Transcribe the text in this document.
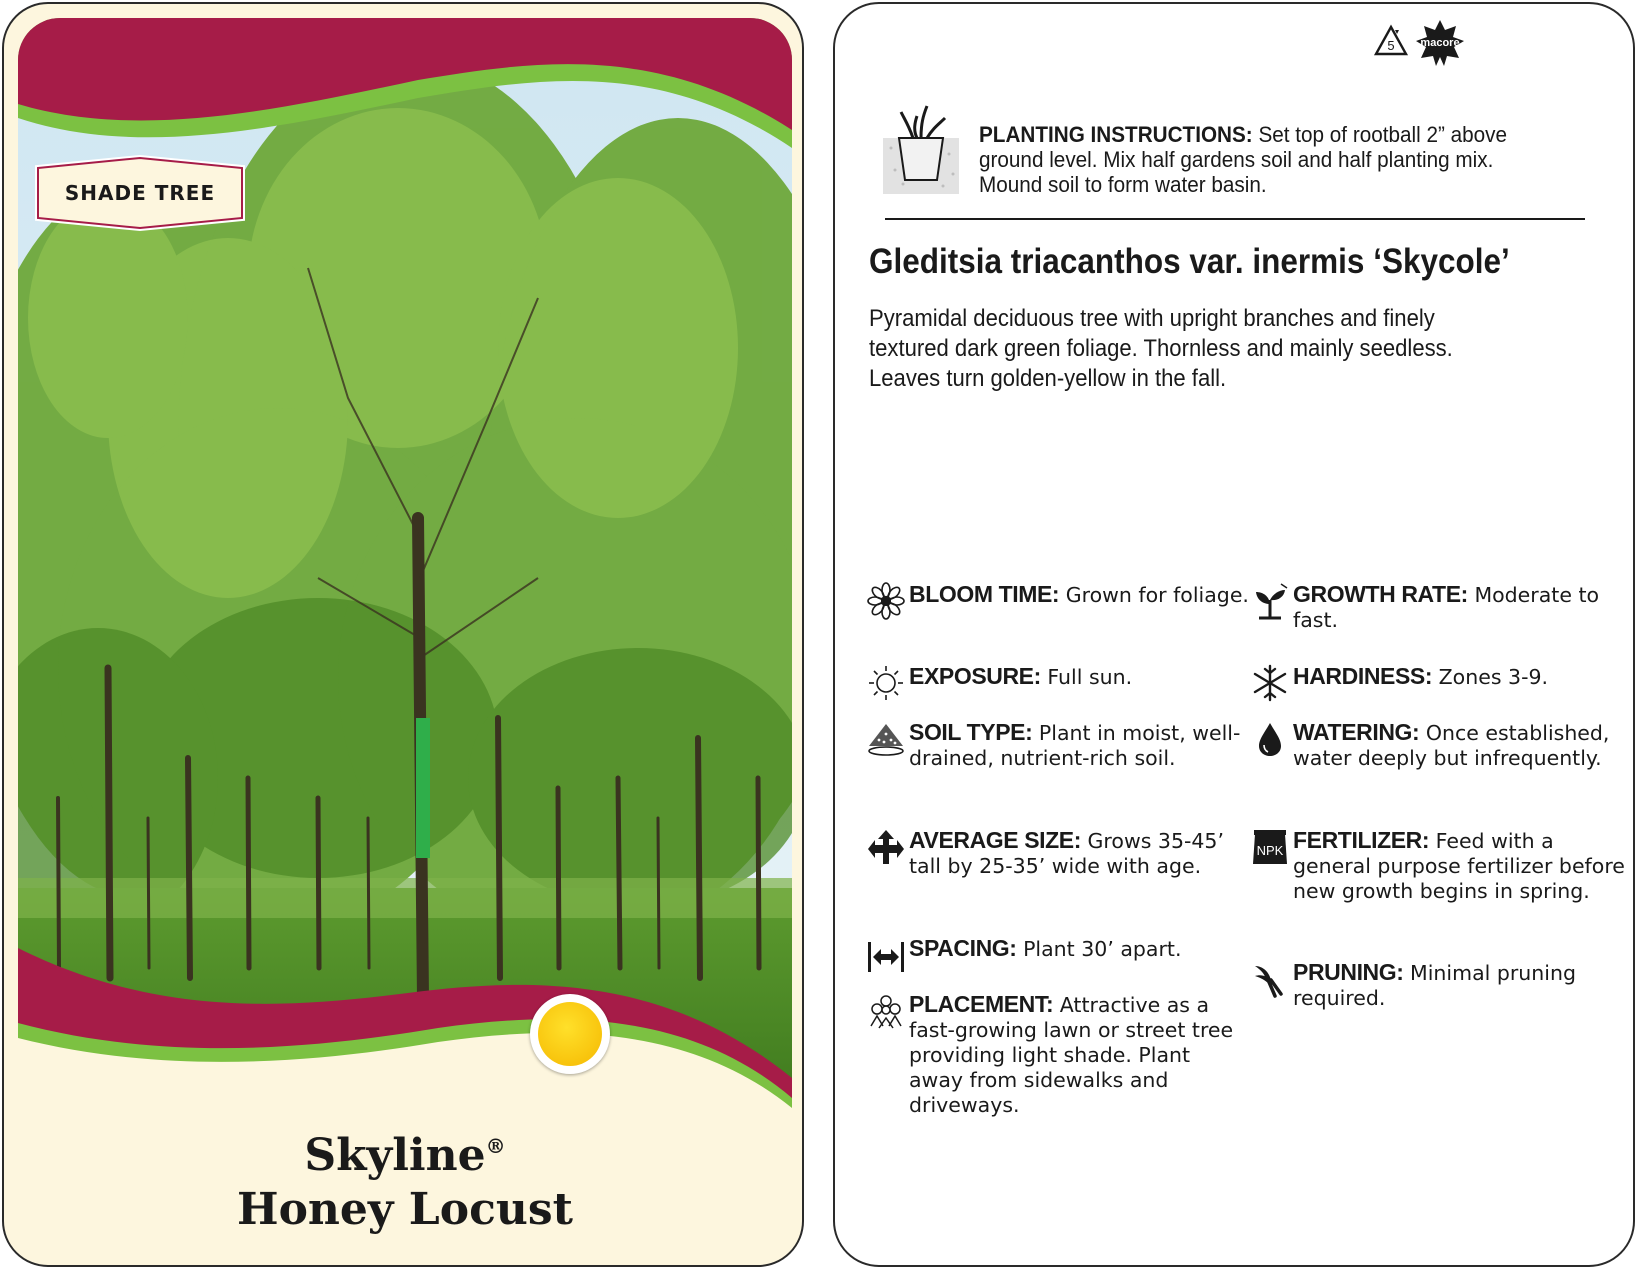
SHADE TREE
Skyline®
Honey Locust
5	macore
PLANTING INSTRUCTIONS: Set top of rootball 2” above ground level. Mix half gardens soil and half planting mix. Mound soil to form water basin.
Gleditsia triacanthos var. inermis ‘Skycole’
Pyramidal deciduous tree with upright branches and finely textured dark green foliage. Thornless and mainly seedless. Leaves turn golden-yellow in the fall.
BLOOM TIME: Grown for foliage.
EXPOSURE: Full sun.
SOIL TYPE: Plant in moist, well-drained, nutrient-rich soil.
AVERAGE SIZE: Grows 35-45’ tall by 25-35’ wide with age.
SPACING: Plant 30’ apart.
PLACEMENT: Attractive as a fast-growing lawn or street tree providing light shade. Plant away from sidewalks and driveways.
GROWTH RATE: Moderate to fast.
HARDINESS: Zones 3-9.
WATERING: Once established, water deeply but infrequently.
NPK FERTILIZER: Feed with a general purpose fertilizer before new growth begins in spring.
PRUNING: Minimal pruning required.
